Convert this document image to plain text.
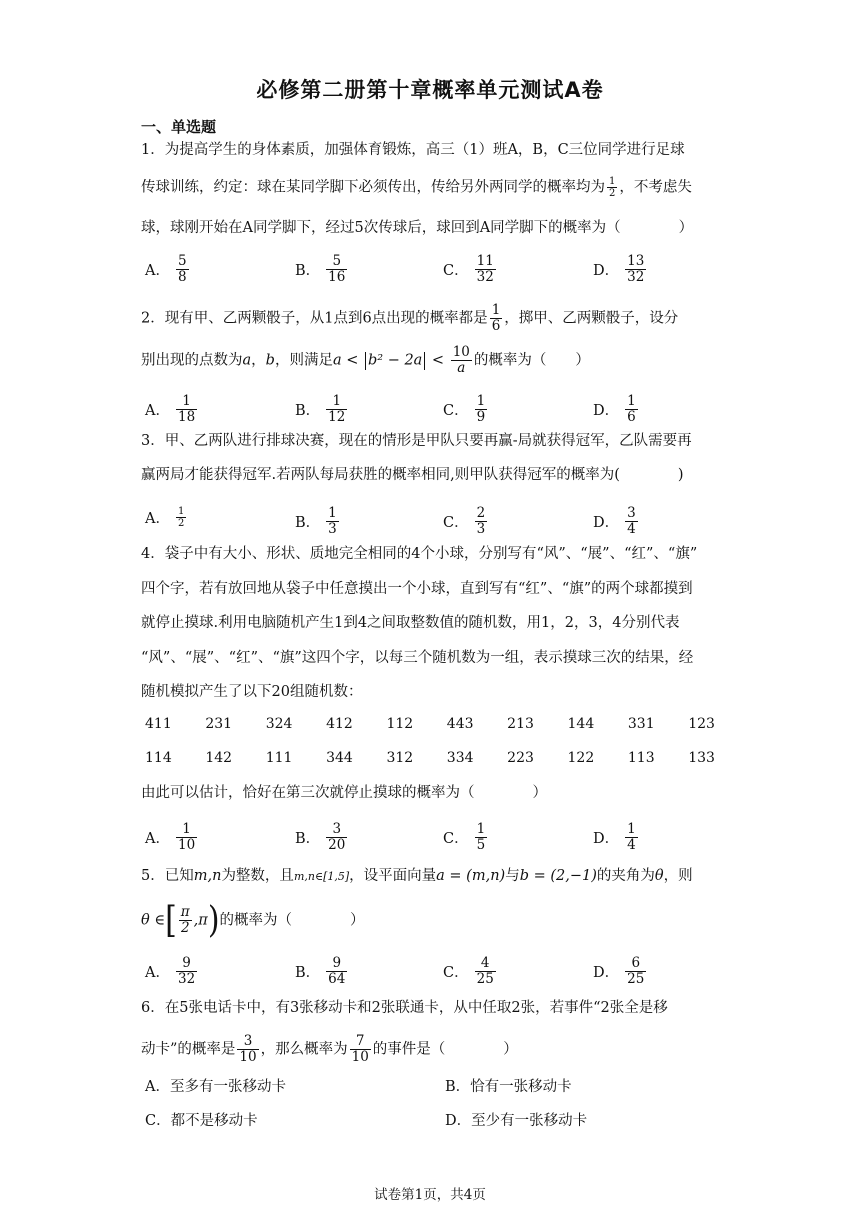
必修第二册第十章概率单元测试A卷
一、单选题
1．为提高学生的身体素质，加强体育锻炼，高三（1）班A，B，C三位同学进行足球
传球训练，约定：球在某同学脚下必须传出，传给另外两同学的概率均为 $\frac{1}{2}$ ，不考虑失
球，球刚开始在A同学脚下，经过5次传球后，球回到A同学脚下的概率为（　　　　）
A． $\frac{5}{8}$	B． $\frac{5}{16}$	C． $\frac{11}{32}$	D． $\frac{13}{32}$
2．现有甲、乙两颗骰子，从1点到6点出现的概率都是 $\frac{1}{6}$ ，掷甲、乙两颗骰子，设分
别出现的点数为a，b，则满足$a < b^2 - 2a < \frac{10}{a}$ 的概率为（　　）
A． $\frac{1}{18}$	B． $\frac{1}{12}$	C． $\frac{1}{9}$	D． $\frac{1}{6}$
3．甲、乙两队进行排球决赛，现在的情形是甲队只要再赢-局就获得冠军，乙队需要再
赢两局才能获得冠军.若两队每局获胜的概率相同,则甲队获得冠军的概率为(　　　　)
A． $\frac{1}{2}$	B． $\frac{1}{3}$	C． $\frac{2}{3}$	D． $\frac{3}{4}$
4．袋子中有大小、形状、质地完全相同的4个小球，分别写有“风”、“展”、“红”、“旗”
四个字，若有放回地从袋子中任意摸出一个小球，直到写有“红”、“旗”的两个球都摸到
就停止摸球.利用电脑随机产生1到4之间取整数值的随机数，用1，2，3，4分别代表
“风”、“展”、“红”、“旗”这四个字，以每三个随机数为一组，表示摸球三次的结果，经
随机模拟产生了以下20组随机数：
411 231 324 412 112 443 213 144 331 123
114 142 111 344 312 334 223 122 113 133
由此可以估计，恰好在第三次就停止摸球的概率为（　　　　）
A． $\frac{1}{10}$	B． $\frac{3}{20}$	C． $\frac{1}{5}$	D． $\frac{1}{4}$
5．已知m,n为整数，且m,n∈[1,5]，设平面向量a = (m,n)与b = (2,−1)的夹角为θ，则
θ ∈[ $\frac{\pi}{2} ,\pi$)的概率为（　　　　）
A． $\frac{9}{32}$	B． $\frac{9}{64}$	C． $\frac{4}{25}$	D． $\frac{6}{25}$
6．在5张电话卡中，有3张移动卡和2张联通卡，从中任取2张，若事件“2张全是移
动卡”的概率是 $\frac{3}{10}$ ，那么概率为 $\frac{7}{10}$ 的事件是（　　　　）
A．至多有一张移动卡	B．恰有一张移动卡
C．都不是移动卡	D．至少有一张移动卡
试卷第1页，共4页
